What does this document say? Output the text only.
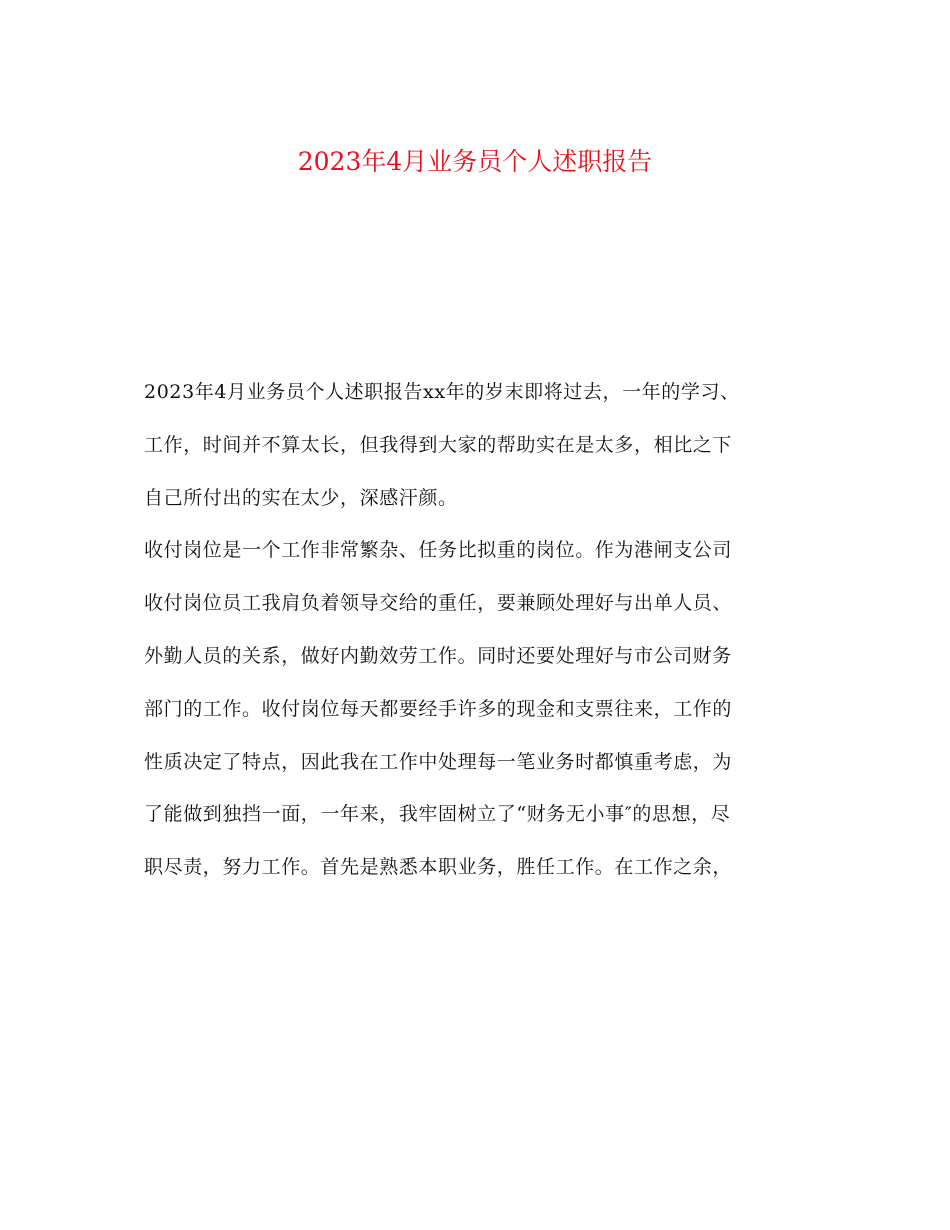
2023年4月业务员个人述职报告
2023年4月业务员个人述职报告xx年的岁末即将过去，一年的学习、
工作，时间并不算太长，但我得到大家的帮助实在是太多，相比之下
自己所付出的实在太少，深感汗颜。
收付岗位是一个工作非常繁杂、任务比拟重的岗位。作为港闸支公司
收付岗位员工我肩负着领导交给的重任，要兼顾处理好与出单人员、
外勤人员的关系，做好内勤效劳工作。同时还要处理好与市公司财务
部门的工作。收付岗位每天都要经手许多的现金和支票往来，工作的
性质决定了特点，因此我在工作中处理每一笔业务时都慎重考虑，为
了能做到独挡一面，一年来，我牢固树立了“财务无小事″的思想，尽
职尽责，努力工作。首先是熟悉本职业务，胜任工作。在工作之余，
